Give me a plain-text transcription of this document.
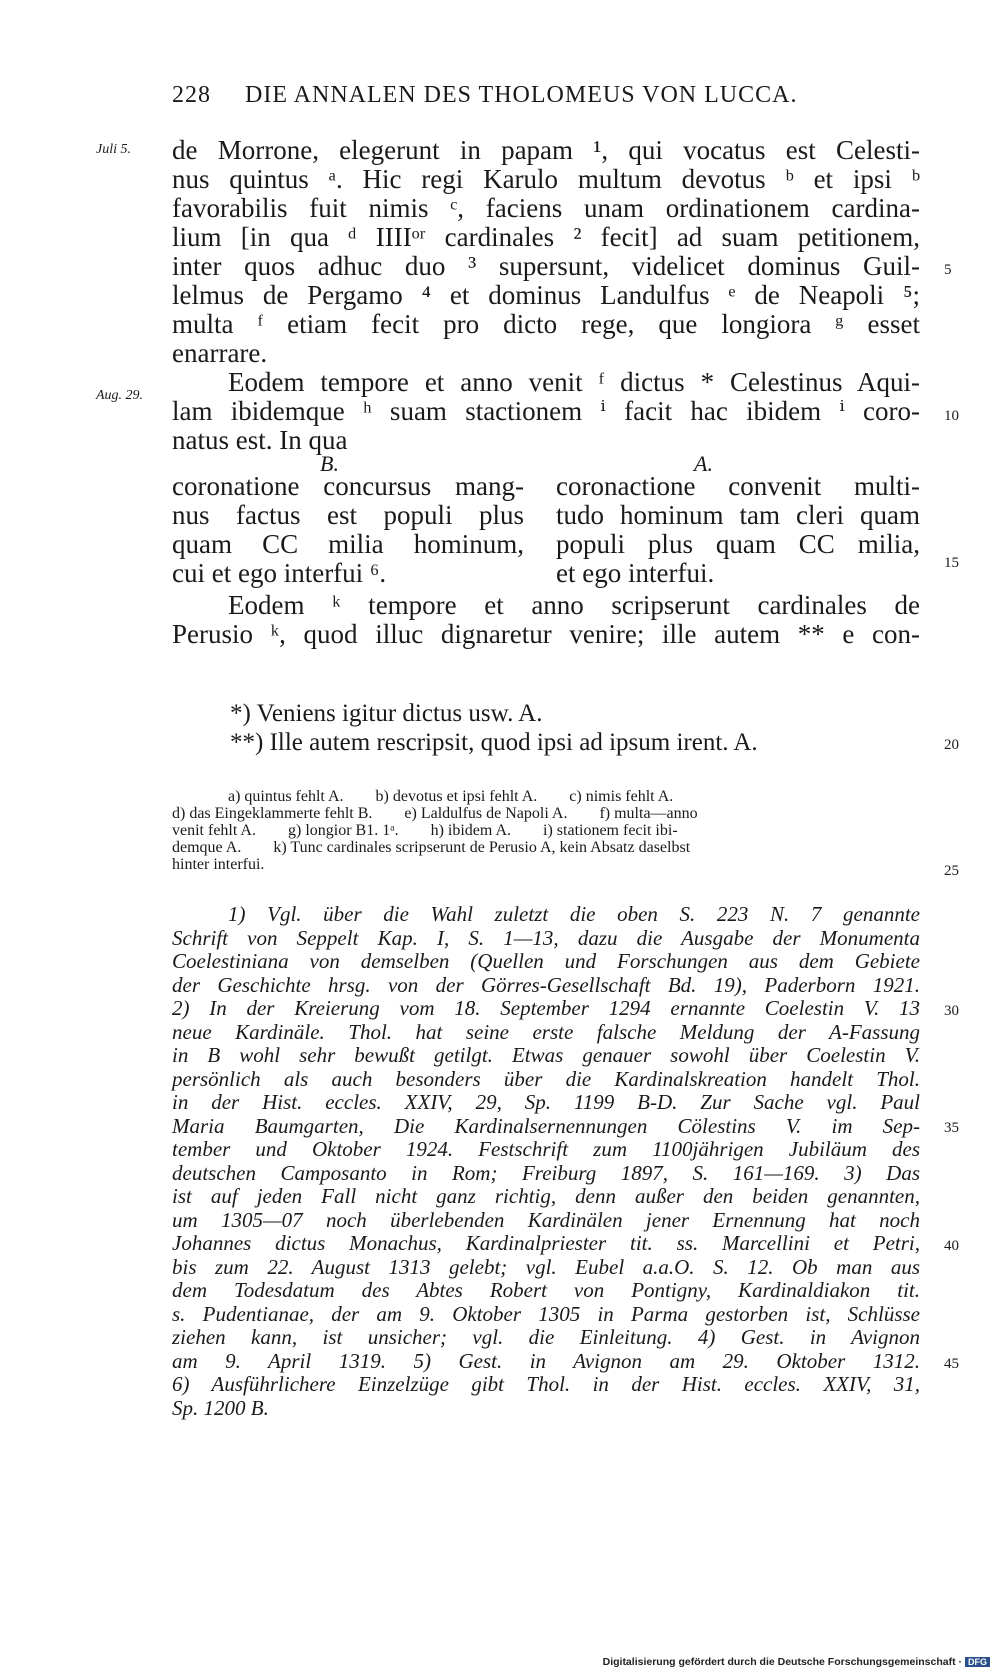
228 DIE ANNALEN DES THOLOMEUS VON LUCCA.
Juli 5.
Aug. 29.
de Morrone, elegerunt in papam ¹, qui vocatus est Celesti-
nus quintus ᵃ. Hic regi Karulo multum devotus ᵇ et ipsi ᵇ
favorabilis fuit nimis ᶜ, faciens unam ordinationem cardina-
lium [in qua ᵈ IIIIᵒʳ cardinales ² fecit] ad suam petitionem,
inter quos adhuc duo ³ supersunt, videlicet dominus Guil-
lelmus de Pergamo ⁴ et dominus Landulfus ᵉ de Neapoli ⁵;
multa ᶠ etiam fecit pro dicto rege, que longiora ᵍ esset
enarrare.
Eodem tempore et anno venit ᶠ dictus * Celestinus Aqui-
lam ibidemque ʰ suam stactionem ⁱ facit hac ibidem ⁱ coro-
natus est. In qua
B.	A.
coronatione concursus mang-
nus factus est populi plus
quam CC milia hominum,
cui et ego interfui ⁶.
coronactione convenit multi-
tudo hominum tam cleri quam
populi plus quam CC milia,
et ego interfui.
Eodem ᵏ tempore et anno scripserunt cardinales de
Perusio ᵏ, quod illuc dignaretur venire; ille autem ** e con-
*) Veniens igitur dictus usw. A.
**) Ille autem rescripsit, quod ipsi ad ipsum irent. A.
a) quintus fehlt A.        b) devotus et ipsi fehlt A.        c) nimis fehlt A.
d) das Eingeklammerte fehlt B.        e) Laldulfus de Napoli A.        f) multa—anno
venit fehlt A.        g) longior B1. 1ᵃ.        h) ibidem A.        i) stationem fecit ibi-
demque A.        k) Tunc cardinales scripserunt de Perusio A, kein Absatz daselbst
hinter interfui.
1) Vgl. über die Wahl zuletzt die oben S. 223 N. 7 genannte
Schrift von Seppelt Kap. I, S. 1—13, dazu die Ausgabe der Monumenta
Coelestiniana von demselben (Quellen und Forschungen aus dem Gebiete
der Geschichte hrsg. von der Görres-Gesellschaft Bd. 19), Paderborn 1921.
2) In der Kreierung vom 18. September 1294 ernannte Coelestin V. 13
neue Kardinäle. Thol. hat seine erste falsche Meldung der A-Fassung
in B wohl sehr bewußt getilgt. Etwas genauer sowohl über Coelestin V.
persönlich als auch besonders über die Kardinalskreation handelt Thol.
in der Hist. eccles. XXIV, 29, Sp. 1199 B-D. Zur Sache vgl. Paul
Maria Baumgarten, Die Kardinalsernennungen Cölestins V. im Sep-
tember und Oktober 1924. Festschrift zum 1100jährigen Jubiläum des
deutschen Camposanto in Rom; Freiburg 1897, S. 161—169. 3) Das
ist auf jeden Fall nicht ganz richtig, denn außer den beiden genannten,
um 1305—07 noch überlebenden Kardinälen jener Ernennung hat noch
Johannes dictus Monachus, Kardinalpriester tit. ss. Marcellini et Petri,
bis zum 22. August 1313 gelebt; vgl. Eubel a.a.O. S. 12. Ob man aus
dem Todesdatum des Abtes Robert von Pontigny, Kardinaldiakon tit.
s. Pudentianae, der am 9. Oktober 1305 in Parma gestorben ist, Schlüsse
ziehen kann, ist unsicher; vgl. die Einleitung. 4) Gest. in Avignon
am 9. April 1319. 5) Gest. in Avignon am 29. Oktober 1312.
6) Ausführlichere Einzelzüge gibt Thol. in der Hist. eccles. XXIV, 31,
Sp. 1200 B.
5
10
15
20
25
30
35
40
45
Digitalisierung gefördert durch die Deutsche Forschungsgemeinschaft · DFG
